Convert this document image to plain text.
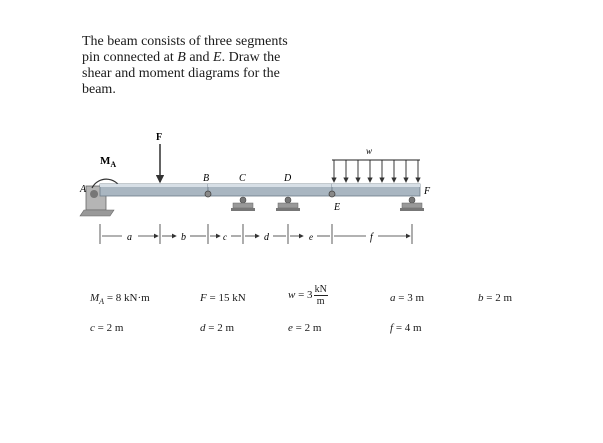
The beam consists of three segments
pin connected at B and E. Draw the
shear and moment diagrams for the
beam.
$M_A$
F
w
A
B	C	D
E
F
a	b	c	d	e	f
$M_A = 8$ kN·m	F = 15 kN	$w = 3 \frac{kN}{m}$	a = 3 m	b = 2 m
c = 2 m	d = 2 m	e = 2 m	f = 4 m
